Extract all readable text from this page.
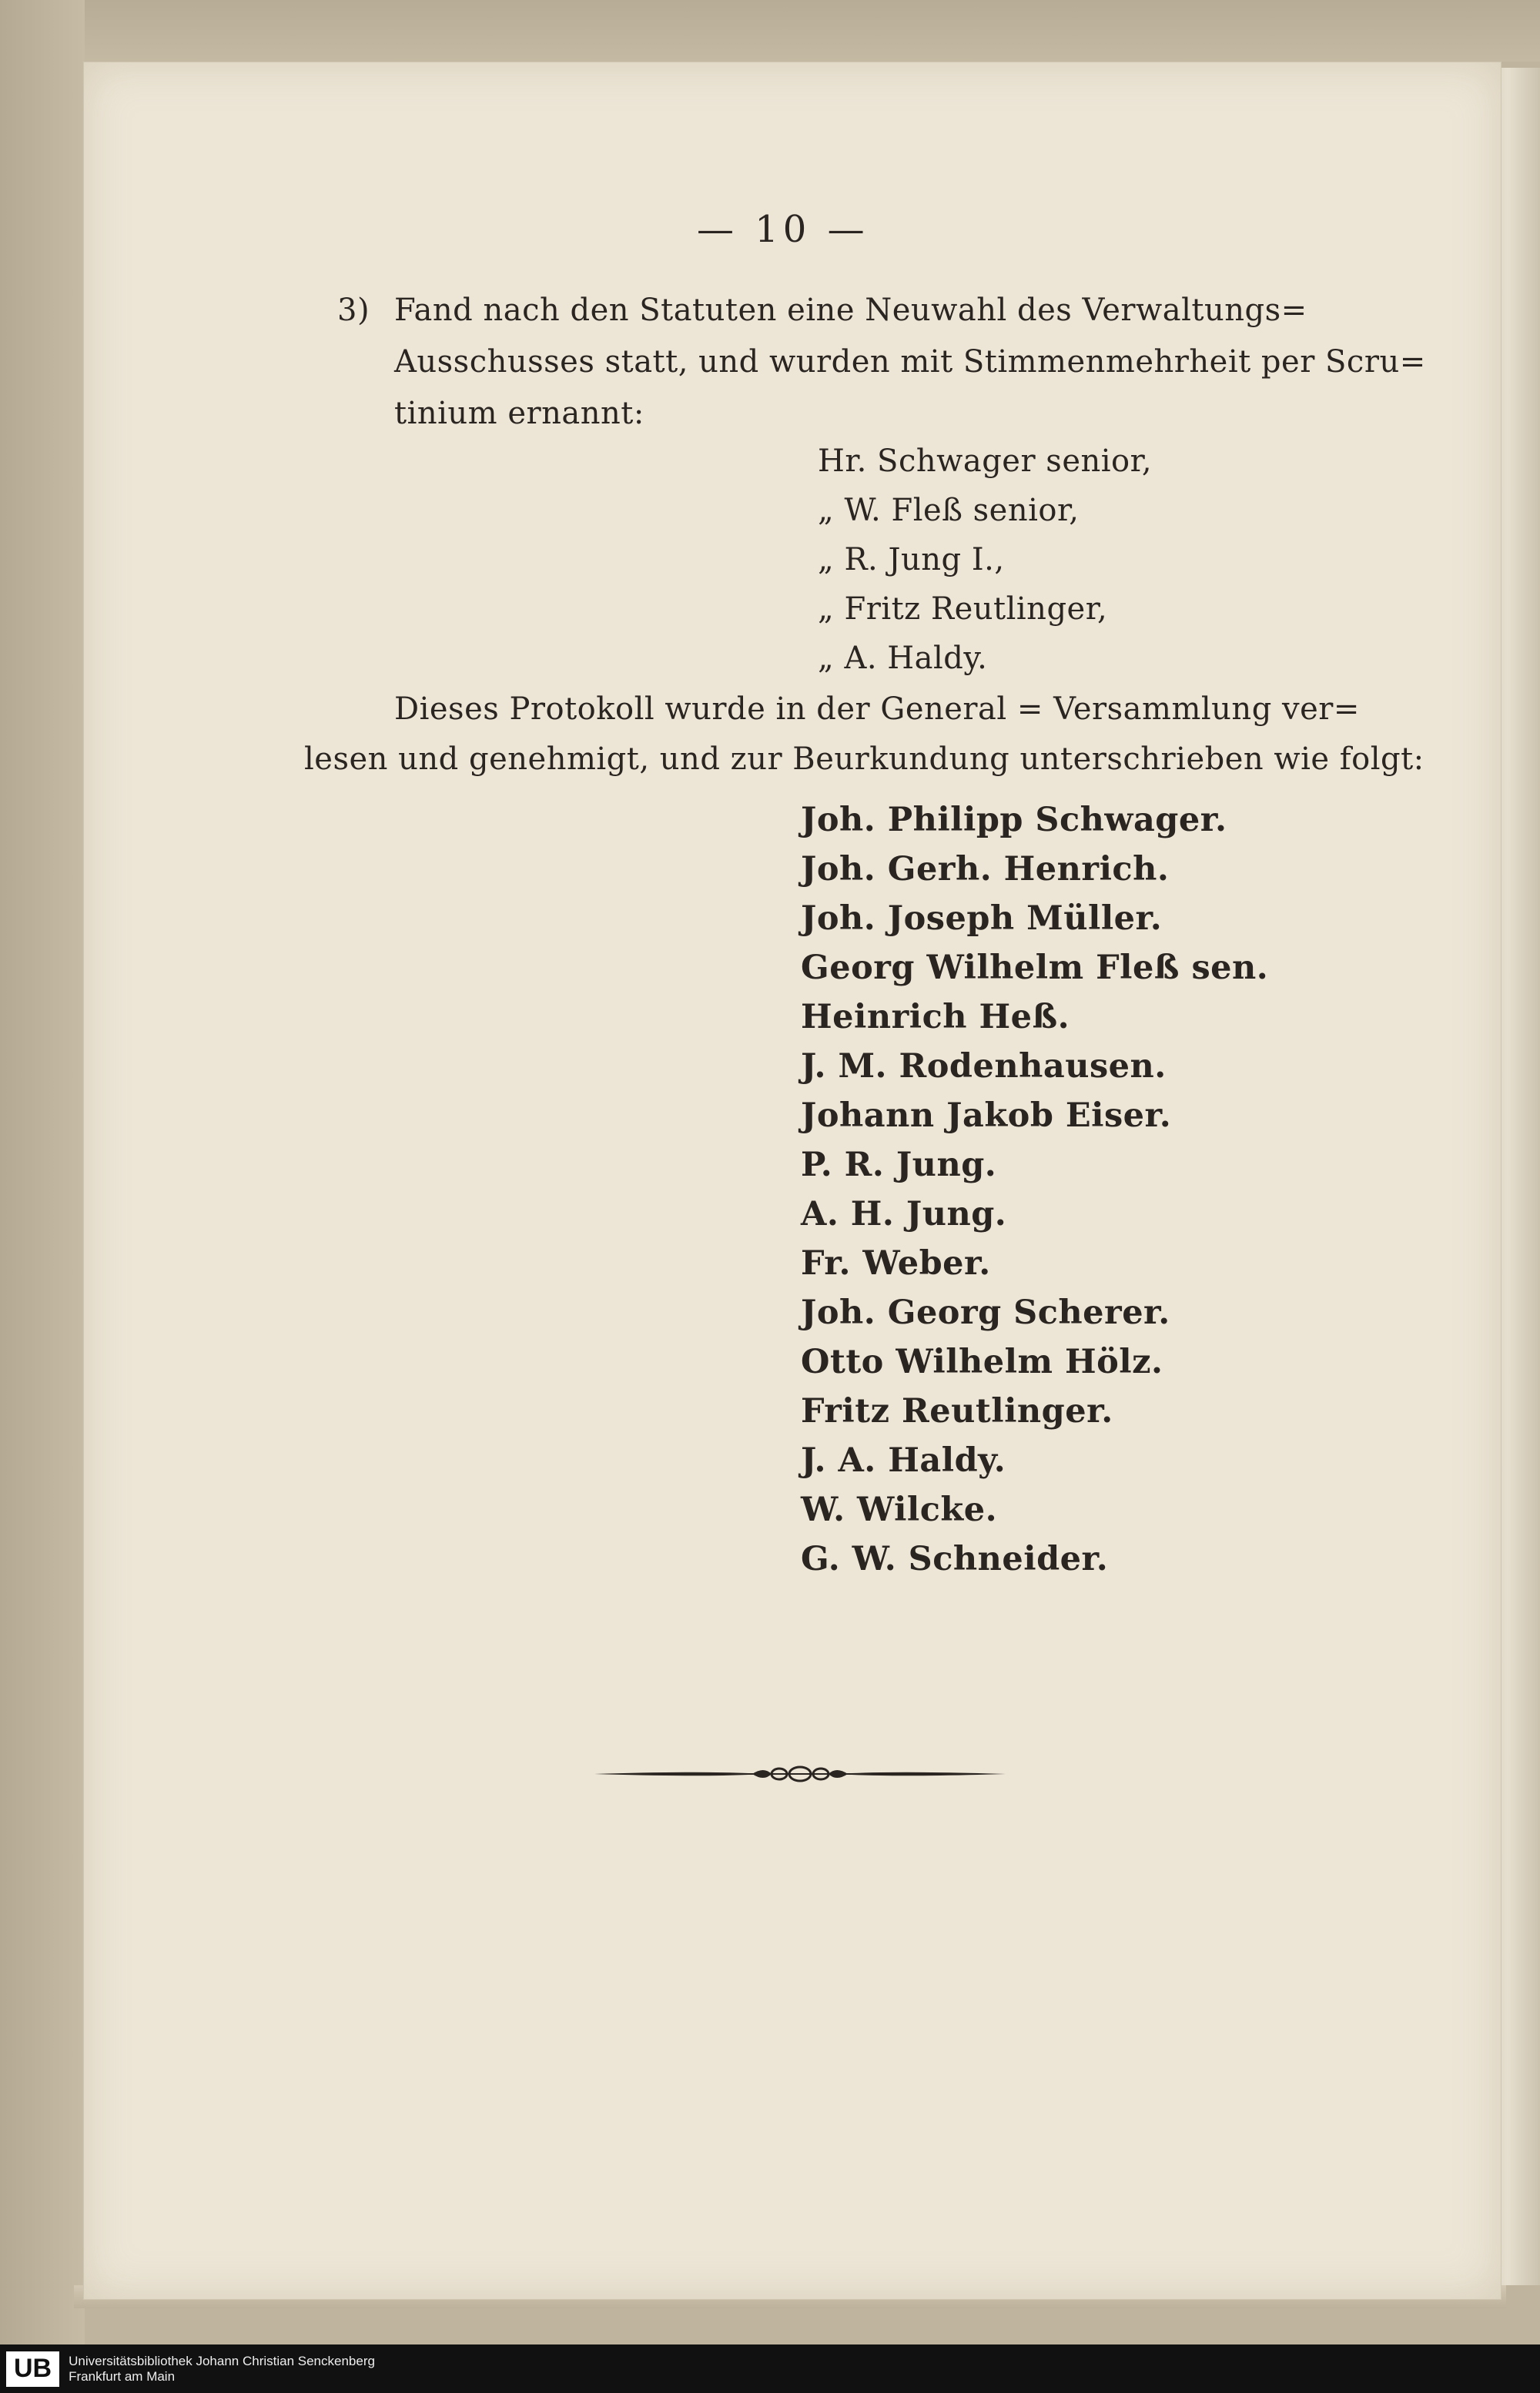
— 10 —
3) Fand nach den Statuten eine Neuwahl des Verwaltungs=
Ausschusses statt, und wurden mit Stimmenmehrheit per Scru=
tinium ernannt:
Hr. Schwager senior,
„ W. Fleß senior,
„ R. Jung I.,
„ Fritz Reutlinger,
„ A. Haldy.
Dieses Protokoll wurde in der General = Versammlung ver=
lesen und genehmigt, und zur Beurkundung unterschrieben wie folgt:
Joh. Philipp Schwager.
Joh. Gerh. Henrich.
Joh. Joseph Müller.
Georg Wilhelm Fleß sen.
Heinrich Heß.
J. M. Rodenhausen.
Johann Jakob Eiser.
P. R. Jung.
A. H. Jung.
Fr. Weber.
Joh. Georg Scherer.
Otto Wilhelm Hölz.
Fritz Reutlinger.
J. A. Haldy.
W. Wilcke.
G. W. Schneider.
UB	Universitätsbibliothek Johann Christian Senckenberg
Frankfurt am Main
